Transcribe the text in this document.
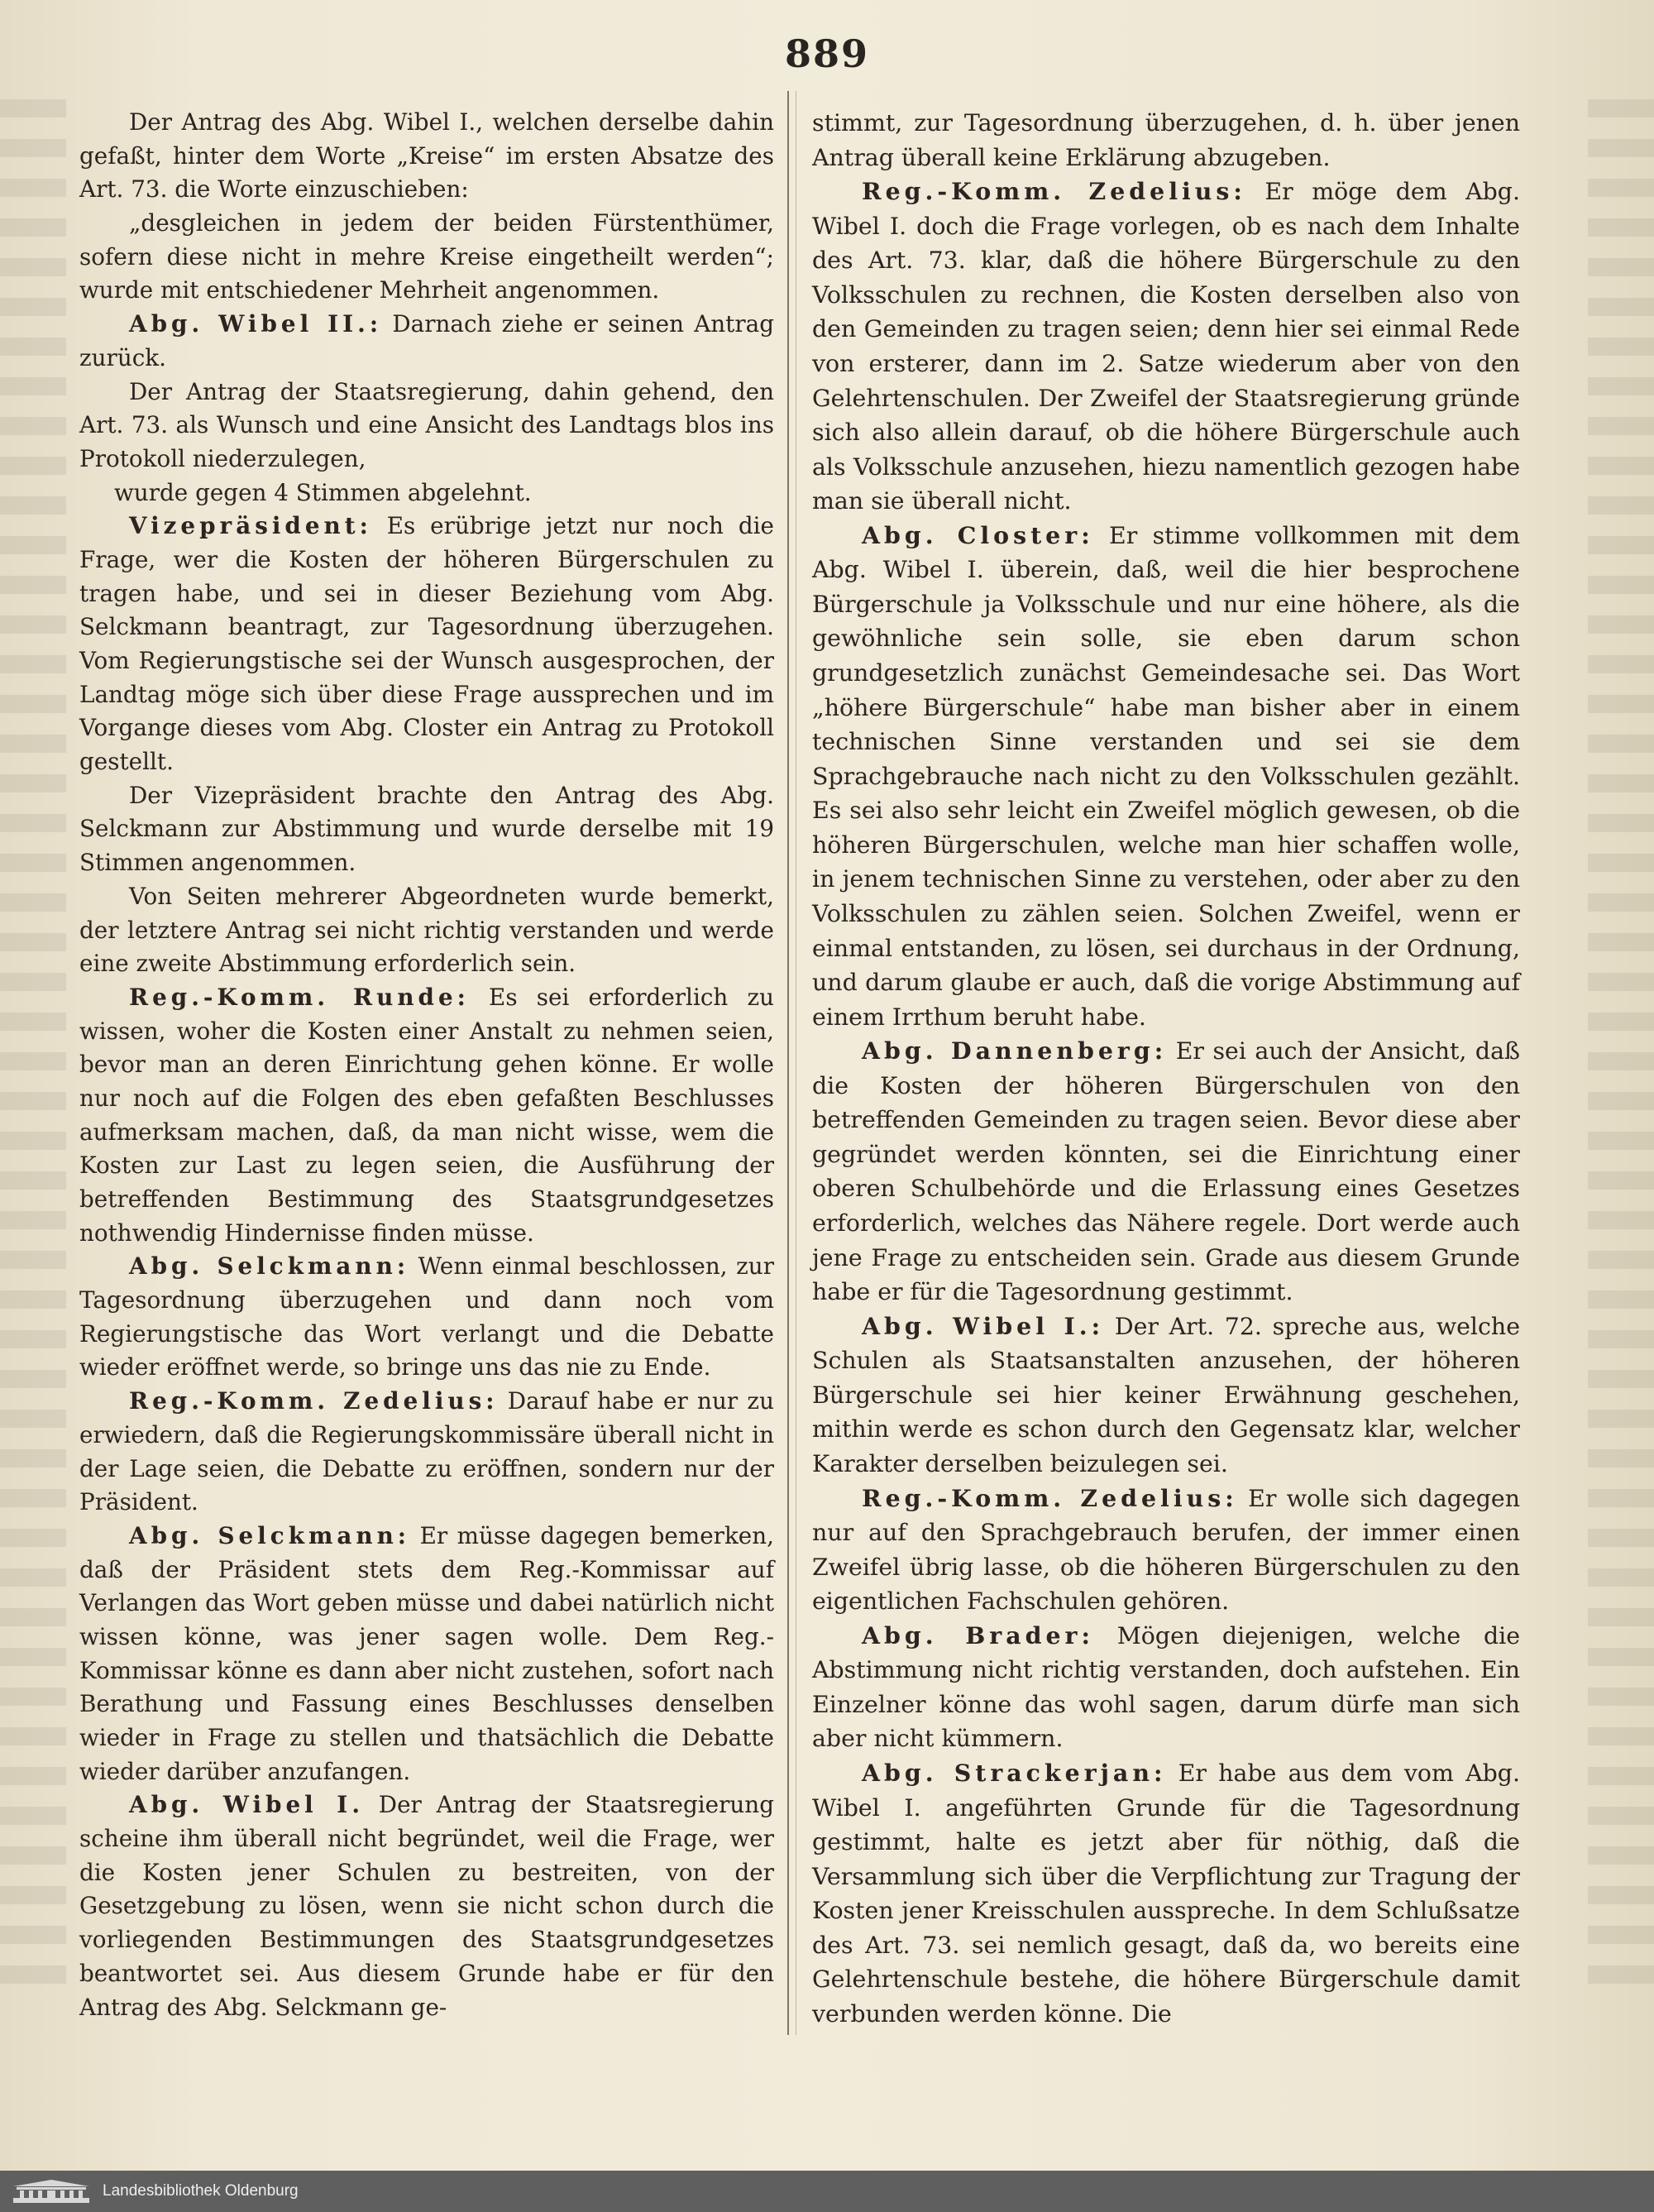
889

Der Antrag des Abg. Wibel I., welchen derselbe dahin gefaßt, hinter dem Worte „Kreise“ im ersten Absatze des Art. 73. die Worte einzuschieben:

„desgleichen in jedem der beiden Fürstenthümer, sofern diese nicht in mehre Kreise eingetheilt werden“; wurde mit entschiedener Mehrheit angenommen.

Abg. Wibel II.: Darnach ziehe er seinen Antrag zurück.

Der Antrag der Staatsregierung, dahin gehend, den Art. 73. als Wunsch und eine Ansicht des Landtags blos ins Protokoll niederzulegen,

wurde gegen 4 Stimmen abgelehnt.

Vizepräsident: Es erübrige jetzt nur noch die Frage, wer die Kosten der höheren Bürgerschulen zu tragen habe, und sei in dieser Beziehung vom Abg. Selckmann beantragt, zur Tagesordnung überzugehen. Vom Regierungstische sei der Wunsch ausgesprochen, der Landtag möge sich über diese Frage aussprechen und im Vorgange dieses vom Abg. Closter ein Antrag zu Protokoll gestellt.

Der Vizepräsident brachte den Antrag des Abg. Selckmann zur Abstimmung und wurde derselbe mit 19 Stimmen angenommen.

Von Seiten mehrerer Abgeordneten wurde bemerkt, der letztere Antrag sei nicht richtig verstanden und werde eine zweite Abstimmung erforderlich sein.

Reg.-Komm. Runde: Es sei erforderlich zu wissen, woher die Kosten einer Anstalt zu nehmen seien, bevor man an deren Einrichtung gehen könne. Er wolle nur noch auf die Folgen des eben gefaßten Beschlusses aufmerksam machen, daß, da man nicht wisse, wem die Kosten zur Last zu legen seien, die Ausführung der betreffenden Bestimmung des Staatsgrundgesetzes nothwendig Hindernisse finden müsse.

Abg. Selckmann: Wenn einmal beschlossen, zur Tagesordnung überzugehen und dann noch vom Regierungstische das Wort verlangt und die Debatte wieder eröffnet werde, so bringe uns das nie zu Ende.

Reg.-Komm. Zedelius: Darauf habe er nur zu erwiedern, daß die Regierungskommissäre überall nicht in der Lage seien, die Debatte zu eröffnen, sondern nur der Präsident.

Abg. Selckmann: Er müsse dagegen bemerken, daß der Präsident stets dem Reg.-Kommissar auf Verlangen das Wort geben müsse und dabei natürlich nicht wissen könne, was jener sagen wolle. Dem Reg.-Kommissar könne es dann aber nicht zustehen, sofort nach Berathung und Fassung eines Beschlusses denselben wieder in Frage zu stellen und thatsächlich die Debatte wieder darüber anzufangen.

Abg. Wibel I. Der Antrag der Staatsregierung scheine ihm überall nicht begründet, weil die Frage, wer die Kosten jener Schulen zu bestreiten, von der Gesetzgebung zu lösen, wenn sie nicht schon durch die vorliegenden Bestimmungen des Staatsgrundgesetzes beantwortet sei. Aus diesem Grunde habe er für den Antrag des Abg. Selckmann ge-

stimmt, zur Tagesordnung überzugehen, d. h. über jenen Antrag überall keine Erklärung abzugeben.

Reg.-Komm. Zedelius: Er möge dem Abg. Wibel I. doch die Frage vorlegen, ob es nach dem Inhalte des Art. 73. klar, daß die höhere Bürgerschule zu den Volksschulen zu rechnen, die Kosten derselben also von den Gemeinden zu tragen seien; denn hier sei einmal Rede von ersterer, dann im 2. Satze wiederum aber von den Gelehrtenschulen. Der Zweifel der Staatsregierung gründe sich also allein darauf, ob die höhere Bürgerschule auch als Volksschule anzusehen, hiezu namentlich gezogen habe man sie überall nicht.

Abg. Closter: Er stimme vollkommen mit dem Abg. Wibel I. überein, daß, weil die hier besprochene Bürgerschule ja Volksschule und nur eine höhere, als die gewöhnliche sein solle, sie eben darum schon grundgesetzlich zunächst Gemeindesache sei. Das Wort „höhere Bürgerschule“ habe man bisher aber in einem technischen Sinne verstanden und sei sie dem Sprachgebrauche nach nicht zu den Volksschulen gezählt. Es sei also sehr leicht ein Zweifel möglich gewesen, ob die höheren Bürgerschulen, welche man hier schaffen wolle, in jenem technischen Sinne zu verstehen, oder aber zu den Volksschulen zu zählen seien. Solchen Zweifel, wenn er einmal entstanden, zu lösen, sei durchaus in der Ordnung, und darum glaube er auch, daß die vorige Abstimmung auf einem Irrthum beruht habe.

Abg. Dannenberg: Er sei auch der Ansicht, daß die Kosten der höheren Bürgerschulen von den betreffenden Gemeinden zu tragen seien. Bevor diese aber gegründet werden könnten, sei die Einrichtung einer oberen Schulbehörde und die Erlassung eines Gesetzes erforderlich, welches das Nähere regele. Dort werde auch jene Frage zu entscheiden sein. Grade aus diesem Grunde habe er für die Tagesordnung gestimmt.

Abg. Wibel I.: Der Art. 72. spreche aus, welche Schulen als Staatsanstalten anzusehen, der höheren Bürgerschule sei hier keiner Erwähnung geschehen, mithin werde es schon durch den Gegensatz klar, welcher Karakter derselben beizulegen sei.

Reg.-Komm. Zedelius: Er wolle sich dagegen nur auf den Sprachgebrauch berufen, der immer einen Zweifel übrig lasse, ob die höheren Bürgerschulen zu den eigentlichen Fachschulen gehören.

Abg. Brader: Mögen diejenigen, welche die Abstimmung nicht richtig verstanden, doch aufstehen. Ein Einzelner könne das wohl sagen, darum dürfe man sich aber nicht kümmern.

Abg. Strackerjan: Er habe aus dem vom Abg. Wibel I. angeführten Grunde für die Tagesordnung gestimmt, halte es jetzt aber für nöthig, daß die Versammlung sich über die Verpflichtung zur Tragung der Kosten jener Kreisschulen ausspreche. In dem Schlußsatze des Art. 73. sei nemlich gesagt, daß da, wo bereits eine Gelehrtenschule bestehe, die höhere Bürgerschule damit verbunden werden könne. Die

Landesbibliothek Oldenburg
